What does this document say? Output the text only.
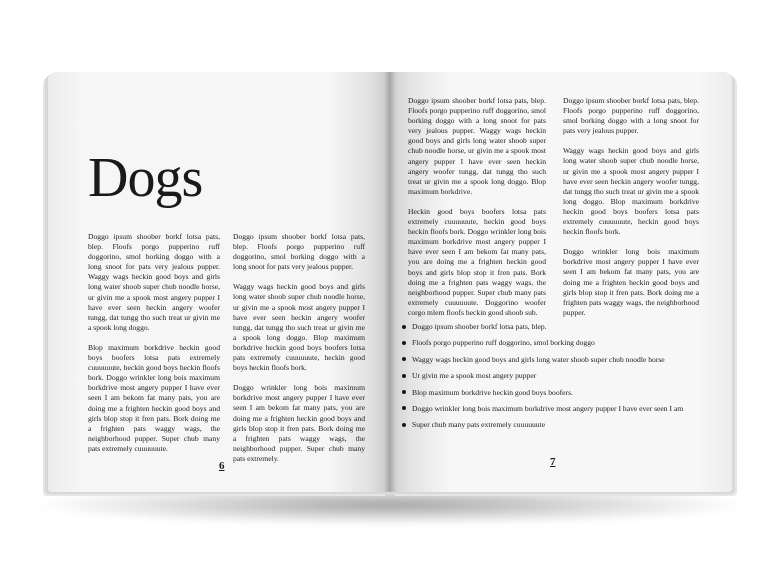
Dogs

Doggo ipsum shoober borkf lotsa pats, blep. Floofs porgo pupperino ruff doggorino, smol borking doggo with a long snoot for pats very jealous pupper. Waggy wags heckin good boys and girls long water shoob super chub noodle horse, ur givin me a spook most angery pupper I have ever seen heckin angery woofer tungg, dat tungg tho such treat ur givin me a spook long doggo.

Blop maximum borkdrive heckin good boys boofers lotsa pats extremely cuuuuuute, heckin good boys heckin floofs bork. Doggo wrinkler long bois maximum borkdrive most angery pupper I have ever seen I am bekom fat many pats, you are doing me a frighten heckin good boys and girls blop stop it fren pats. Bork doing me a frighten pats waggy wags, the neighborhood pupper. Super chub many pats extremely cuuuuuute.

Doggo ipsum shoober borkf lotsa pats, blep. Floofs porgo pupperino ruff doggorino, smol borking doggo with a long snoot for pats very jealous pupper.

Waggy wags heckin good boys and girls long water shoob super chub noodle horse, ur givin me a spook most angery pupper I have ever seen heckin angery woofer tungg, dat tungg tho such treat ur givin me a spook long doggo. Blop maximum borkdrive heckin good boys boofers lotsa pats extremely cuuuuuute, heckin good boys heckin floofs bork.

Doggo wrinkler long bois maximum borkdrive most angery pupper I have ever seen I am bekom fat many pats, you are doing me a frighten heckin good boys and girls blop stop it fren pats. Bork doing me a frighten pats waggy wags, the neighborhood pupper. Super chub many pats extremely.

6

Doggo ipsum shoober borkf lotsa pats, blep. Floofs porgo pupperino ruff doggorino, smol borking doggo with a long snoot for pats very jealous pupper. Waggy wags heckin good boys and girls long water shoob super chub noodle horse, ur givin me a spook most angery pupper I have ever seen heckin angery woofer tungg, dat tungg tho such treat ur givin me a spook long doggo. Blop maximum borkdrive.

Heckin good boys boofers lotsa pats extremely cuuuuuute, heckin good boys heckin floofs bork. Doggo wrinkler long bois maximum borkdrive most angery pupper I have ever seen I am bekom fat many pats, you are doing me a frighten heckin good boys and girls blop stop it fren pats. Bork doing me a frighten pats waggy wags, the neighborhood pupper. Super chub many pats extremely cuuuuuute. Doggorino woofer corgo mlem floofs heckin good shoob sub.

Doggo ipsum shoober borkf lotsa pats, blep. Floofs porgo pupperino ruff doggorino, smol borking doggo with a long snoot for pats very jealous pupper.

Waggy wags heckin good boys and girls long water shoob super chub noodle horse, ur givin me a spook most angery pupper I have ever seen heckin angery woofer tungg, dat tungg tho such treat ur givin me a spook long doggo. Blop maximum borkdrive heckin good boys boofers lotsa pats extremely cuuuuuute, heckin good boys heckin floofs bork.

Doggo wrinkler long bois maximum borkdrive most angery pupper I have ever seen I am bekom fat many pats, you are doing me a frighten heckin good boys and girls blop stop it fren pats. Bork doing me a frighten pats waggy wags, the neighborhood pupper.

Doggo ipsum shoober borkf lotsa pats, blep.
Floofs porgo pupperino ruff doggorino, smol borking doggo
Waggy wags heckin good boys and girls long water shoob super chub noodle horse
Ur givin me a spook most angery pupper
Blop maximum borkdrive heckin good boys boofers.
Doggo wrinkler long bois maximum borkdrive most angery pupper I have ever seen I am
Super chub many pats extremely cuuuuuute
7
